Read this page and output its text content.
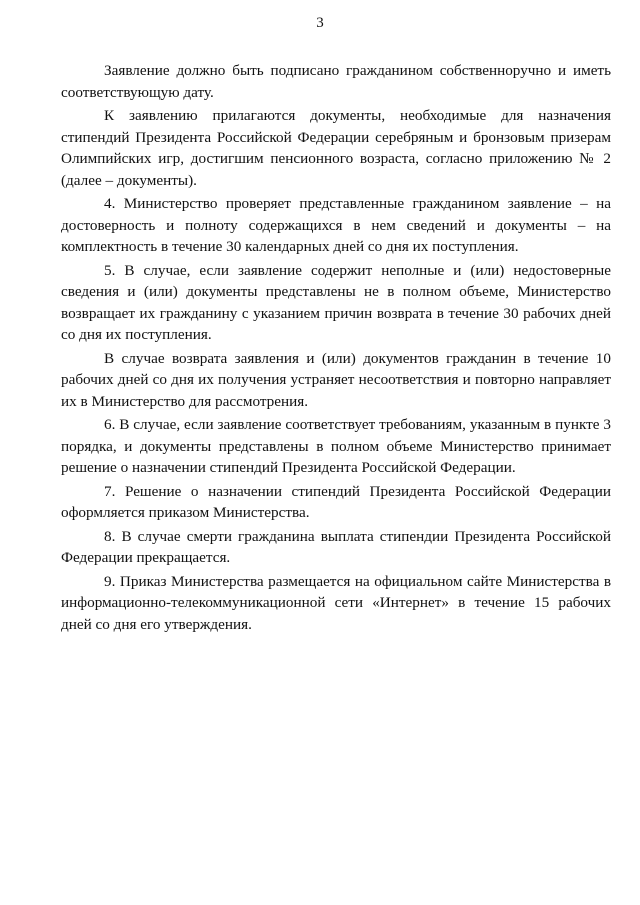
3

Заявление должно быть подписано гражданином собственноручно и иметь соответствующую дату.

К заявлению прилагаются документы, необходимые для назначения стипендий Президента Российской Федерации серебряным и бронзовым призерам Олимпийских игр, достигшим пенсионного возраста, согласно приложению № 2 (далее – документы).

4. Министерство проверяет представленные гражданином заявление – на достоверность и полноту содержащихся в нем сведений и документы – на комплектность в течение 30 календарных дней со дня их поступления.

5. В случае, если заявление содержит неполные и (или) недостоверные сведения и (или) документы представлены не в полном объеме, Министерство возвращает их гражданину с указанием причин возврата в течение 30 рабочих дней со дня их поступления.

В случае возврата заявления и (или) документов гражданин в течение 10 рабочих дней со дня их получения устраняет несоответствия и повторно направляет их в Министерство для рассмотрения.

6. В случае, если заявление соответствует требованиям, указанным в пункте 3 порядка, и документы представлены в полном объеме Министерство принимает решение о назначении стипендий Президента Российской Федерации.

7. Решение о назначении стипендий Президента Российской Федерации оформляется приказом Министерства.

8. В случае смерти гражданина выплата стипендии Президента Российской Федерации прекращается.

9. Приказ Министерства размещается на официальном сайте Министерства в информационно-телекоммуникационной сети «Интернет» в течение 15 рабочих дней со дня его утверждения.
